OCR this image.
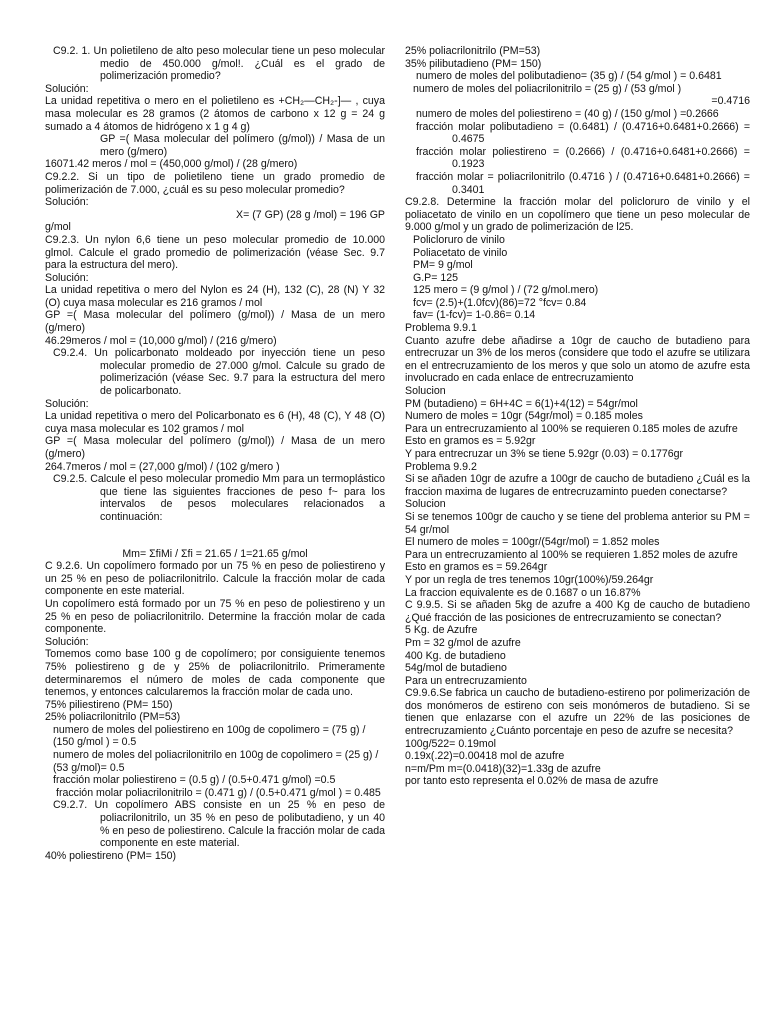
C9.2. 1. Un polietileno de alto peso molecular tiene un peso molecular medio de 450.000 g/mol!. ¿Cuál es el grado de polimerización promedio?

Solución:

La unidad repetitiva o mero en el polietileno es +CH₂—CH₂-]— , cuya masa molecular es 28 gramos (2 átomos de carbono x 12 g = 24 g sumado a 4 átomos de hidrógeno x 1 g 4 g)

GP =( Masa molecular del polímero (g/mol)) / Masa de un mero (g/mero)

16071.42 meros / mol = (450,000 g/mol) / (28 g/mero)

C9.2.2. Si un tipo de polietileno tiene un grado promedio de polimerización de 7.000, ¿cuál es su peso molecular promedio?

Solución:

X= (7 GP) (28 g /mol) = 196 GP

g/mol

C9.2.3. Un nylon 6,6 tiene un peso molecular promedio de 10.000 glmol. Calcule el grado promedio de polimerización (véase Sec. 9.7 para la estructura del mero).

Solución:

La unidad repetitiva o mero del Nylon es 24 (H), 132 (C), 28 (N) Y 32 (O) cuya masa molecular es 216 gramos / mol

GP =( Masa molecular del polímero (g/mol)) / Masa de un mero (g/mero)

46.29meros / mol = (10,000 g/mol) / (216 g/mero)

C9.2.4. Un policarbonato moldeado por inyección tiene un peso molecular promedio de 27.000 g/mol. Calcule su grado de polimerización (véase Sec. 9.7 para la estructura del mero de policarbonato.

Solución:

La unidad repetitiva o mero del Policarbonato es 6 (H), 48 (C), Y 48 (O) cuya masa molecular es 102 gramos / mol

GP =( Masa molecular del polímero (g/mol)) / Masa de un mero (g/mero)

264.7meros / mol = (27,000 g/mol) / (102 g/mero )

C9.2.5. Calcule el peso molecular promedio Mm para un termoplástico que tiene las siguientes fracciones de peso f~ para los intervalos de pesos moleculares relacionados a continuación:

Mm= ΣfiMi / Σfi = 21.65 / 1=21.65 g/mol

C 9.2.6. Un copolímero formado por un 75 % en peso de poliestireno y un 25 % en peso de poliacrilonitrilo. Calcule la fracción molar de cada componente en este material.

Un copolímero está formado por un 75 % en peso de poliestireno y un 25 % en peso de poliacrilonitrilo. Determine la fracción molar de cada componente.

Solución:

Tomemos como base 100 g de copolímero; por consiguiente tenemos 75% poliestireno g de y 25% de poliacrilonitrilo. Primeramente determinaremos el número de moles de cada componente que tenemos, y entonces calcularemos la fracción molar de cada uno.

75% piliestireno (PM= 150)

25% poliacrilonitrilo (PM=53)

numero de moles del poliestireno en 100g de copolimero = (75 g) / (150 g/mol ) = 0.5

numero de moles del poliacrilonitrilo en 100g de copolimero = (25 g) / (53 g/mol)= 0.5

fracción molar poliestireno = (0.5 g) / (0.5+0.471 g/mol) =0.5

fracción molar poliacrilonitrilo = (0.471 g) / (0.5+0.471 g/mol ) = 0.485

C9.2.7. Un copolímero ABS consiste en un 25 % en peso de poliacrilonitrilo, un 35 % en peso de polibutadieno, y un 40 % en peso de poliestireno. Calcule la fracción molar de cada componente en este material.

40% poliestireno (PM= 150)

25% poliacrilonitrilo (PM=53)

35% pilibutadieno (PM= 150)

numero de moles del polibutadieno= (35 g) / (54 g/mol ) = 0.6481

numero de moles del poliacrilonitrilo = (25 g) / (53 g/mol )

=0.4716

numero de moles del poliestireno = (40 g) / (150 g/mol ) =0.2666

fracción molar polibutadieno = (0.6481) / (0.4716+0.6481+0.2666) = 0.4675

fracción molar poliestireno = (0.2666) / (0.4716+0.6481+0.2666) = 0.1923

fracción molar = poliacrilonitrilo (0.4716 ) / (0.4716+0.6481+0.2666) = 0.3401

C9.2.8. Determine la fracción molar del policloruro de vinilo y el poliacetato de vinilo en un copolímero que tiene un peso molecular de 9.000 g/mol y un grado de polimerización de l25.

Policloruro de vinilo

Poliacetato de vinilo

PM= 9 g/mol

G.P= 125

125 mero = (9 g/mol ) / (72 g/mol.mero)

fcv= (2.5)+(1.0fcv)(86)=72 °fcv= 0.84

fav= (1-fcv)= 1-0.86= 0.14

Problema 9.9.1

Cuanto azufre debe añadirse a 10gr de caucho de butadieno para entrecruzar un 3% de los meros (considere que todo el azufre se utilizara en el entrecruzamiento de los meros y que solo un atomo de azufre esta involucrado en cada enlace de entrecruzamiento

Solucion

PM (butadieno) = 6H+4C = 6(1)+4(12) = 54gr/mol

Numero de moles = 10gr (54gr/mol) = 0.185 moles

Para un entrecruzamiento al 100% se requieren 0.185 moles de azufre

Esto en gramos es = 5.92gr

Y para entrecruzar un 3% se tiene 5.92gr (0.03) = 0.1776gr

Problema 9.9.2

Si se añaden 10gr de azufre a 100gr de caucho de butadieno ¿Cuál es la fraccion maxima de lugares de entrecruzaminto pueden conectarse?

Solucion

Si se tenemos 100gr de caucho y se tiene del problema anterior su PM = 54 gr/mol

El numero de moles = 100gr/(54gr/mol) = 1.852 moles

Para un entrecruzamiento al 100% se requieren 1.852 moles de azufre

Esto en gramos es = 59.264gr

Y por un regla de tres tenemos 10gr(100%)/59.264gr

La fraccion equivalente es de 0.1687 o un 16.87%

C 9.9.5. Si se añaden 5kg de azufre a 400 Kg de caucho de butadieno ¿Qué fracción de las posiciones de entrecruzamiento se conectan?

5 Kg. de Azufre

Pm = 32 g/mol de azufre

400 Kg. de butadieno

54g/mol de butadieno

Para un entrecruzamiento

C9.9.6.Se fabrica un caucho de butadieno-estireno por polimerización de dos monómeros de estireno con seis monómeros de butadieno. Si se tienen que enlazarse con el azufre un 22% de las posiciones de entrecruzamiento ¿Cuánto porcentaje en peso de azufre se necesita?

100g/522= 0.19mol

0.19x(.22)=0.00418 mol de azufre

n=m/Pm m=(0.0418)(32)=1.33g de azufre

por tanto esto representa el 0.02% de masa de azufre
